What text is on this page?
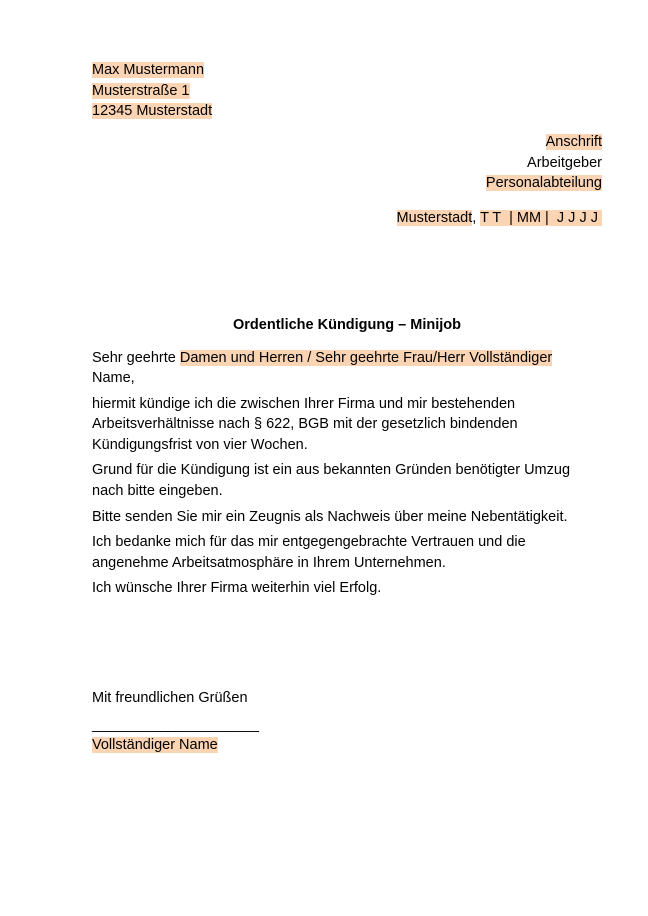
Max Mustermann
Musterstraße 1
12345 Musterstadt
Anschrift
Arbeitgeber
Personalabteilung
Musterstadt, T T  | MM |  J J J J
Ordentliche Kündigung – Minijob

Sehr geehrte Damen und Herren / Sehr geehrte Frau/Herr Vollständiger
Name,

hiermit kündige ich die zwischen Ihrer Firma und mir bestehenden Arbeitsverhältnisse nach § 622, BGB mit der gesetzlich bindenden Kündigungsfrist von vier Wochen.

Grund für die Kündigung ist ein aus bekannten Gründen benötigter Umzug nach bitte eingeben.

Bitte senden Sie mir ein Zeugnis als Nachweis über meine Nebentätigkeit.

Ich bedanke mich für das mir entgegengebrachte Vertrauen und die angenehme Arbeitsatmosphäre in Ihrem Unternehmen.

Ich wünsche Ihrer Firma weiterhin viel Erfolg.

Mit freundlichen Grüßen
______________________
Vollständiger Name
